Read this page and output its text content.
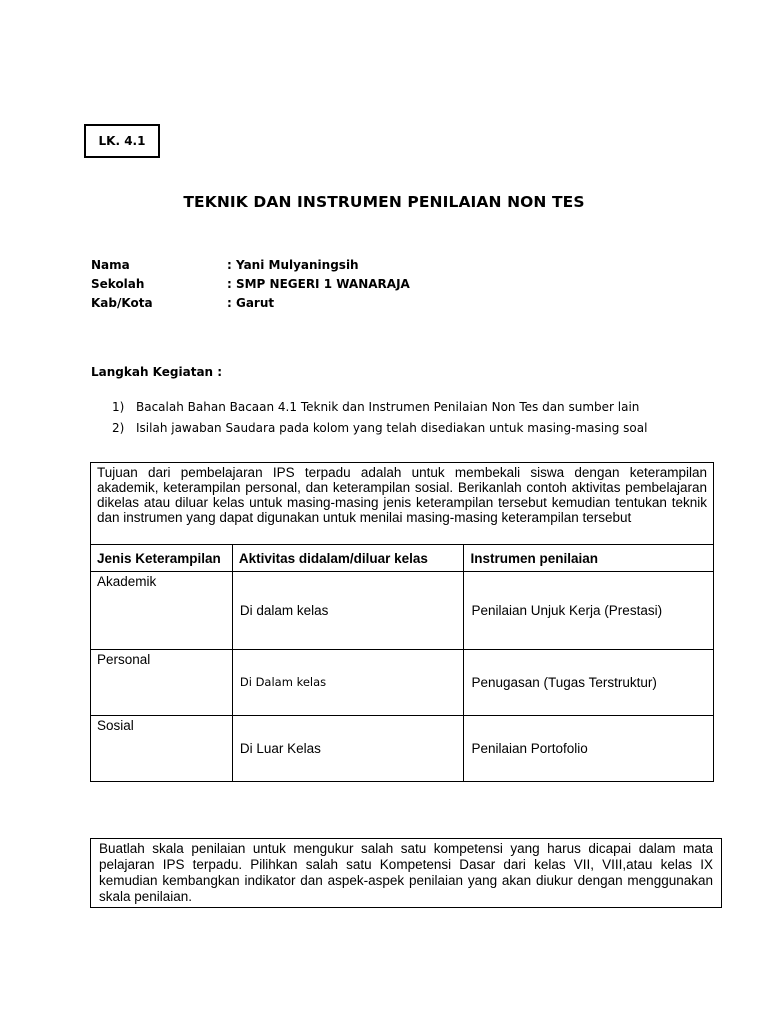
LK. 4.1
TEKNIK DAN INSTRUMEN PENILAIAN NON TES
Nama	: Yani Mulyaningsih
Sekolah	: SMP NEGERI 1 WANARAJA
Kab/Kota	: Garut
Langkah Kegiatan :
1) Bacalah Bahan Bacaan 4.1 Teknik dan Instrumen Penilaian Non Tes dan sumber lain
2) Isilah jawaban Saudara pada kolom yang telah disediakan untuk masing-masing soal
Tujuan dari pembelajaran IPS terpadu adalah untuk membekali siswa dengan keterampilan akademik, keterampilan personal, dan keterampilan sosial. Berikanlah contoh aktivitas pembelajaran dikelas atau diluar kelas untuk masing-masing jenis keterampilan tersebut kemudian tentukan teknik dan instrumen yang dapat digunakan untuk menilai masing-masing keterampilan tersebut		
Jenis Keterampilan	Aktivitas didalam/diluar kelas	Instrumen penilaian
Akademik	Di dalam kelas	Penilaian Unjuk Kerja (Prestasi)
Personal	Di Dalam kelas	Penugasan (Tugas Terstruktur)
Sosial	Di Luar Kelas	Penilaian Portofolio
Buatlah skala penilaian untuk mengukur salah satu kompetensi yang harus dicapai dalam mata pelajaran IPS terpadu. Pilihkan salah satu Kompetensi Dasar dari kelas VII, VIII,atau kelas IX kemudian kembangkan indikator dan aspek-aspek penilaian yang akan diukur dengan menggunakan skala penilaian.
